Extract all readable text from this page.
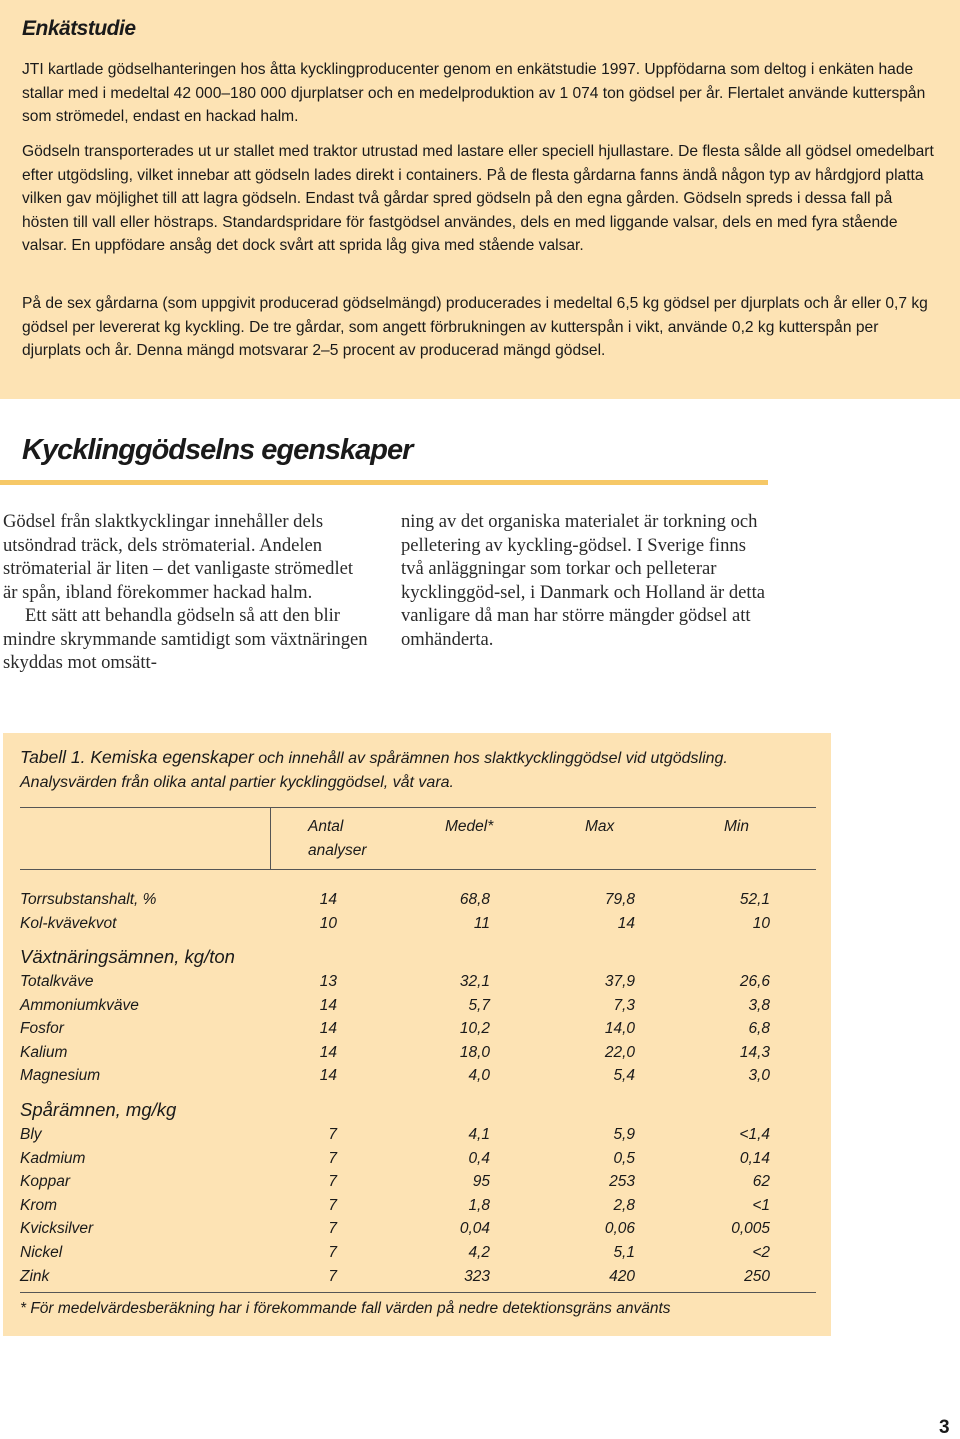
Enkätstudie

JTI kartlade gödselhanteringen hos åtta kycklingproducenter genom en enkätstudie 1997. Uppfödarna som deltog i enkäten hade stallar med i medeltal 42 000–180 000 djurplatser och en medelproduktion av 1 074 ton gödsel per år. Flertalet använde kutterspån som strömedel, endast en hackad halm.

Gödseln transporterades ut ur stallet med traktor utrustad med lastare eller speciell hjullastare. De flesta sålde all gödsel omedelbart efter utgödsling, vilket innebar att gödseln lades direkt i containers. På de flesta gårdarna fanns ändå någon typ av hårdgjord platta vilken gav möjlighet till att lagra gödseln. Endast två gårdar spred gödseln på den egna gården. Gödseln spreds i dessa fall på hösten till vall eller höstraps. Standardspridare för fastgödsel användes, dels en med liggande valsar, dels en med fyra stående valsar. En uppfödare ansåg det dock svårt att sprida låg giva med stående valsar.

På de sex gårdarna (som uppgivit producerad gödselmängd) producerades i medeltal 6,5 kg gödsel per djurplats och år eller 0,7 kg gödsel per levererat kg kyckling. De tre gårdar, som angett förbrukningen av kutterspån i vikt, använde 0,2 kg kutterspån per djurplats och år. Denna mängd motsvarar 2–5 procent av producerad mängd gödsel.

Kycklinggödselns egenskaper

Gödsel från slaktkycklingar innehåller dels utsöndrad träck, dels strömaterial. Andelen strömaterial är liten – det vanligaste strömedlet är spån, ibland förekommer hackad halm.

Ett sätt att behandla gödseln så att den blir mindre skrymmande samtidigt som växtnäringen skyddas mot omsätt-

ning av det organiska materialet är torkning och pelletering av kyckling-gödsel. I Sverige finns två anläggningar som torkar och pelleterar kycklinggöd-sel, i Danmark och Holland är detta vanligare då man har större mängder gödsel att omhänderta.

Tabell 1. Kemiska egenskaper och innehåll av spårämnen hos slaktkycklinggödsel vid utgödsling.
Analysvärden från olika antal partier kycklinggödsel, våt vara.
Antal
analyser
Medel*	Max	Min
Torrsubstanshalt, %	14	68,8	79,8	52,1
Kol-kvävekvot	10	11	14	10
Växtnäringsämnen, kg/ton
Totalkväve	13	32,1	37,9	26,6
Ammoniumkväve	14	5,7	7,3	3,8
Fosfor	14	10,2	14,0	6,8
Kalium	14	18,0	22,0	14,3
Magnesium	14	4,0	5,4	3,0
Spårämnen, mg/kg
Bly	7	4,1	5,9	<1,4
Kadmium	7	0,4	0,5	0,14
Koppar	7	95	253	62
Krom	7	1,8	2,8	<1
Kvicksilver	7	0,04	0,06	0,005
Nickel	7	4,2	5,1	<2
Zink	7	323	420	250
* För medelvärdesberäkning har i förekommande fall värden på nedre detektionsgräns använts
3
